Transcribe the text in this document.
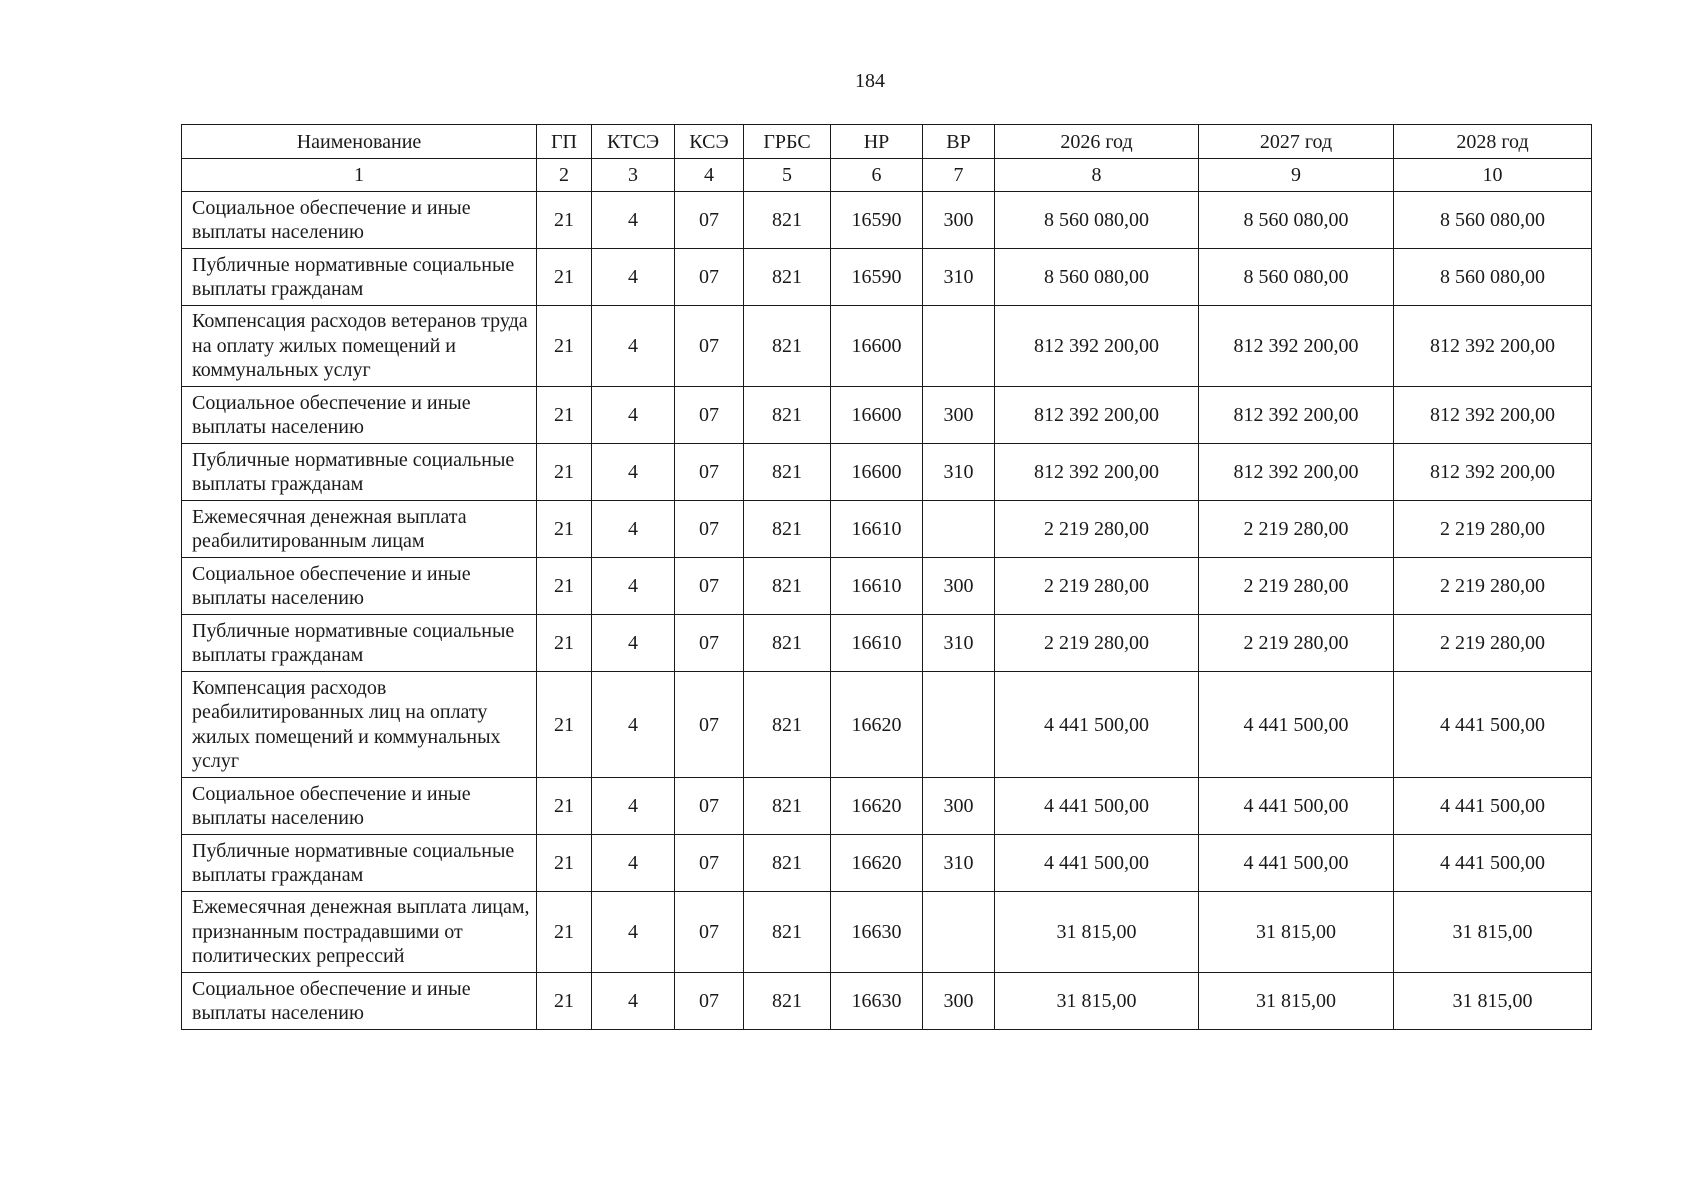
184
Наименование	ГП	КТСЭ	КСЭ	ГРБС	НР	ВР	2026 год	2027 год	2028 год
1	2	3	4	5	6	7	8	9	10
Социальное обеспечение и иные выплаты населению	21	4	07	821	16590	300	8 560 080,00	8 560 080,00	8 560 080,00
Публичные нормативные социальные выплаты гражданам	21	4	07	821	16590	310	8 560 080,00	8 560 080,00	8 560 080,00
Компенсация расходов ветеранов труда на оплату жилых помещений и коммунальных услуг	21	4	07	821	16600		812 392 200,00	812 392 200,00	812 392 200,00
Социальное обеспечение и иные выплаты населению	21	4	07	821	16600	300	812 392 200,00	812 392 200,00	812 392 200,00
Публичные нормативные социальные выплаты гражданам	21	4	07	821	16600	310	812 392 200,00	812 392 200,00	812 392 200,00
Ежемесячная денежная выплата реабилитированным лицам	21	4	07	821	16610		2 219 280,00	2 219 280,00	2 219 280,00
Социальное обеспечение и иные выплаты населению	21	4	07	821	16610	300	2 219 280,00	2 219 280,00	2 219 280,00
Публичные нормативные социальные выплаты гражданам	21	4	07	821	16610	310	2 219 280,00	2 219 280,00	2 219 280,00
Компенсация расходов реабилитированных лиц на оплату жилых помещений и коммунальных услуг	21	4	07	821	16620		4 441 500,00	4 441 500,00	4 441 500,00
Социальное обеспечение и иные выплаты населению	21	4	07	821	16620	300	4 441 500,00	4 441 500,00	4 441 500,00
Публичные нормативные социальные выплаты гражданам	21	4	07	821	16620	310	4 441 500,00	4 441 500,00	4 441 500,00
Ежемесячная денежная выплата лицам, признанным пострадавшими от политических репрессий	21	4	07	821	16630		31 815,00	31 815,00	31 815,00
Социальное обеспечение и иные выплаты населению	21	4	07	821	16630	300	31 815,00	31 815,00	31 815,00
